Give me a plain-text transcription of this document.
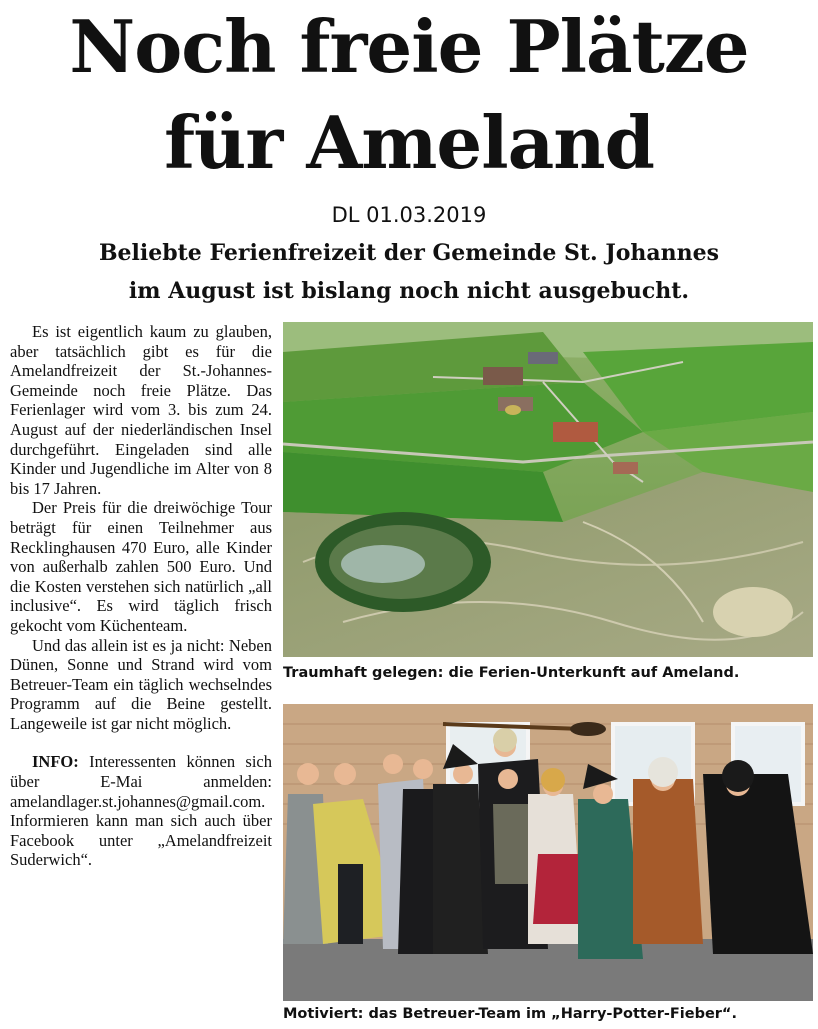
Noch freie Plätze
für Ameland
DL 01.03.2019
Beliebte Ferienfreizeit der Gemeinde St. Johannes
im August ist bislang noch nicht ausgebucht.

Es ist eigentlich kaum zu glauben, aber tatsächlich gibt es für die Amelandfreizeit der St.-Johannes-Gemeinde noch freie Plätze. Das Ferienlager wird vom 3. bis zum 24. August auf der niederländischen Insel durchgeführt. Eingeladen sind alle Kinder und Jugendliche im Alter von 8 bis 17 Jahren.

Der Preis für die dreiwöchige Tour beträgt für einen Teilnehmer aus Recklinghausen 470 Euro, alle Kinder von außerhalb zahlen 500 Euro. Und die Kosten verstehen sich natürlich „all inclusive“. Es wird täglich frisch gekocht vom Küchenteam.

Und das allein ist es ja nicht: Neben Dünen, Sonne und Strand wird vom Betreuer-Team ein täglich wechselndes Programm auf die Beine gestellt. Langeweile ist gar nicht möglich.

INFO: Interessenten können sich über E-Mai anmelden: amelandlager.st.johannes@gmail.com. Informieren kann man sich auch über Facebook unter „Amelandfreizeit Suderwich“.

Traumhaft gelegen: die Ferien-Unterkunft auf Ameland.
Motiviert: das Betreuer-Team im „Harry-Potter-Fieber“.
